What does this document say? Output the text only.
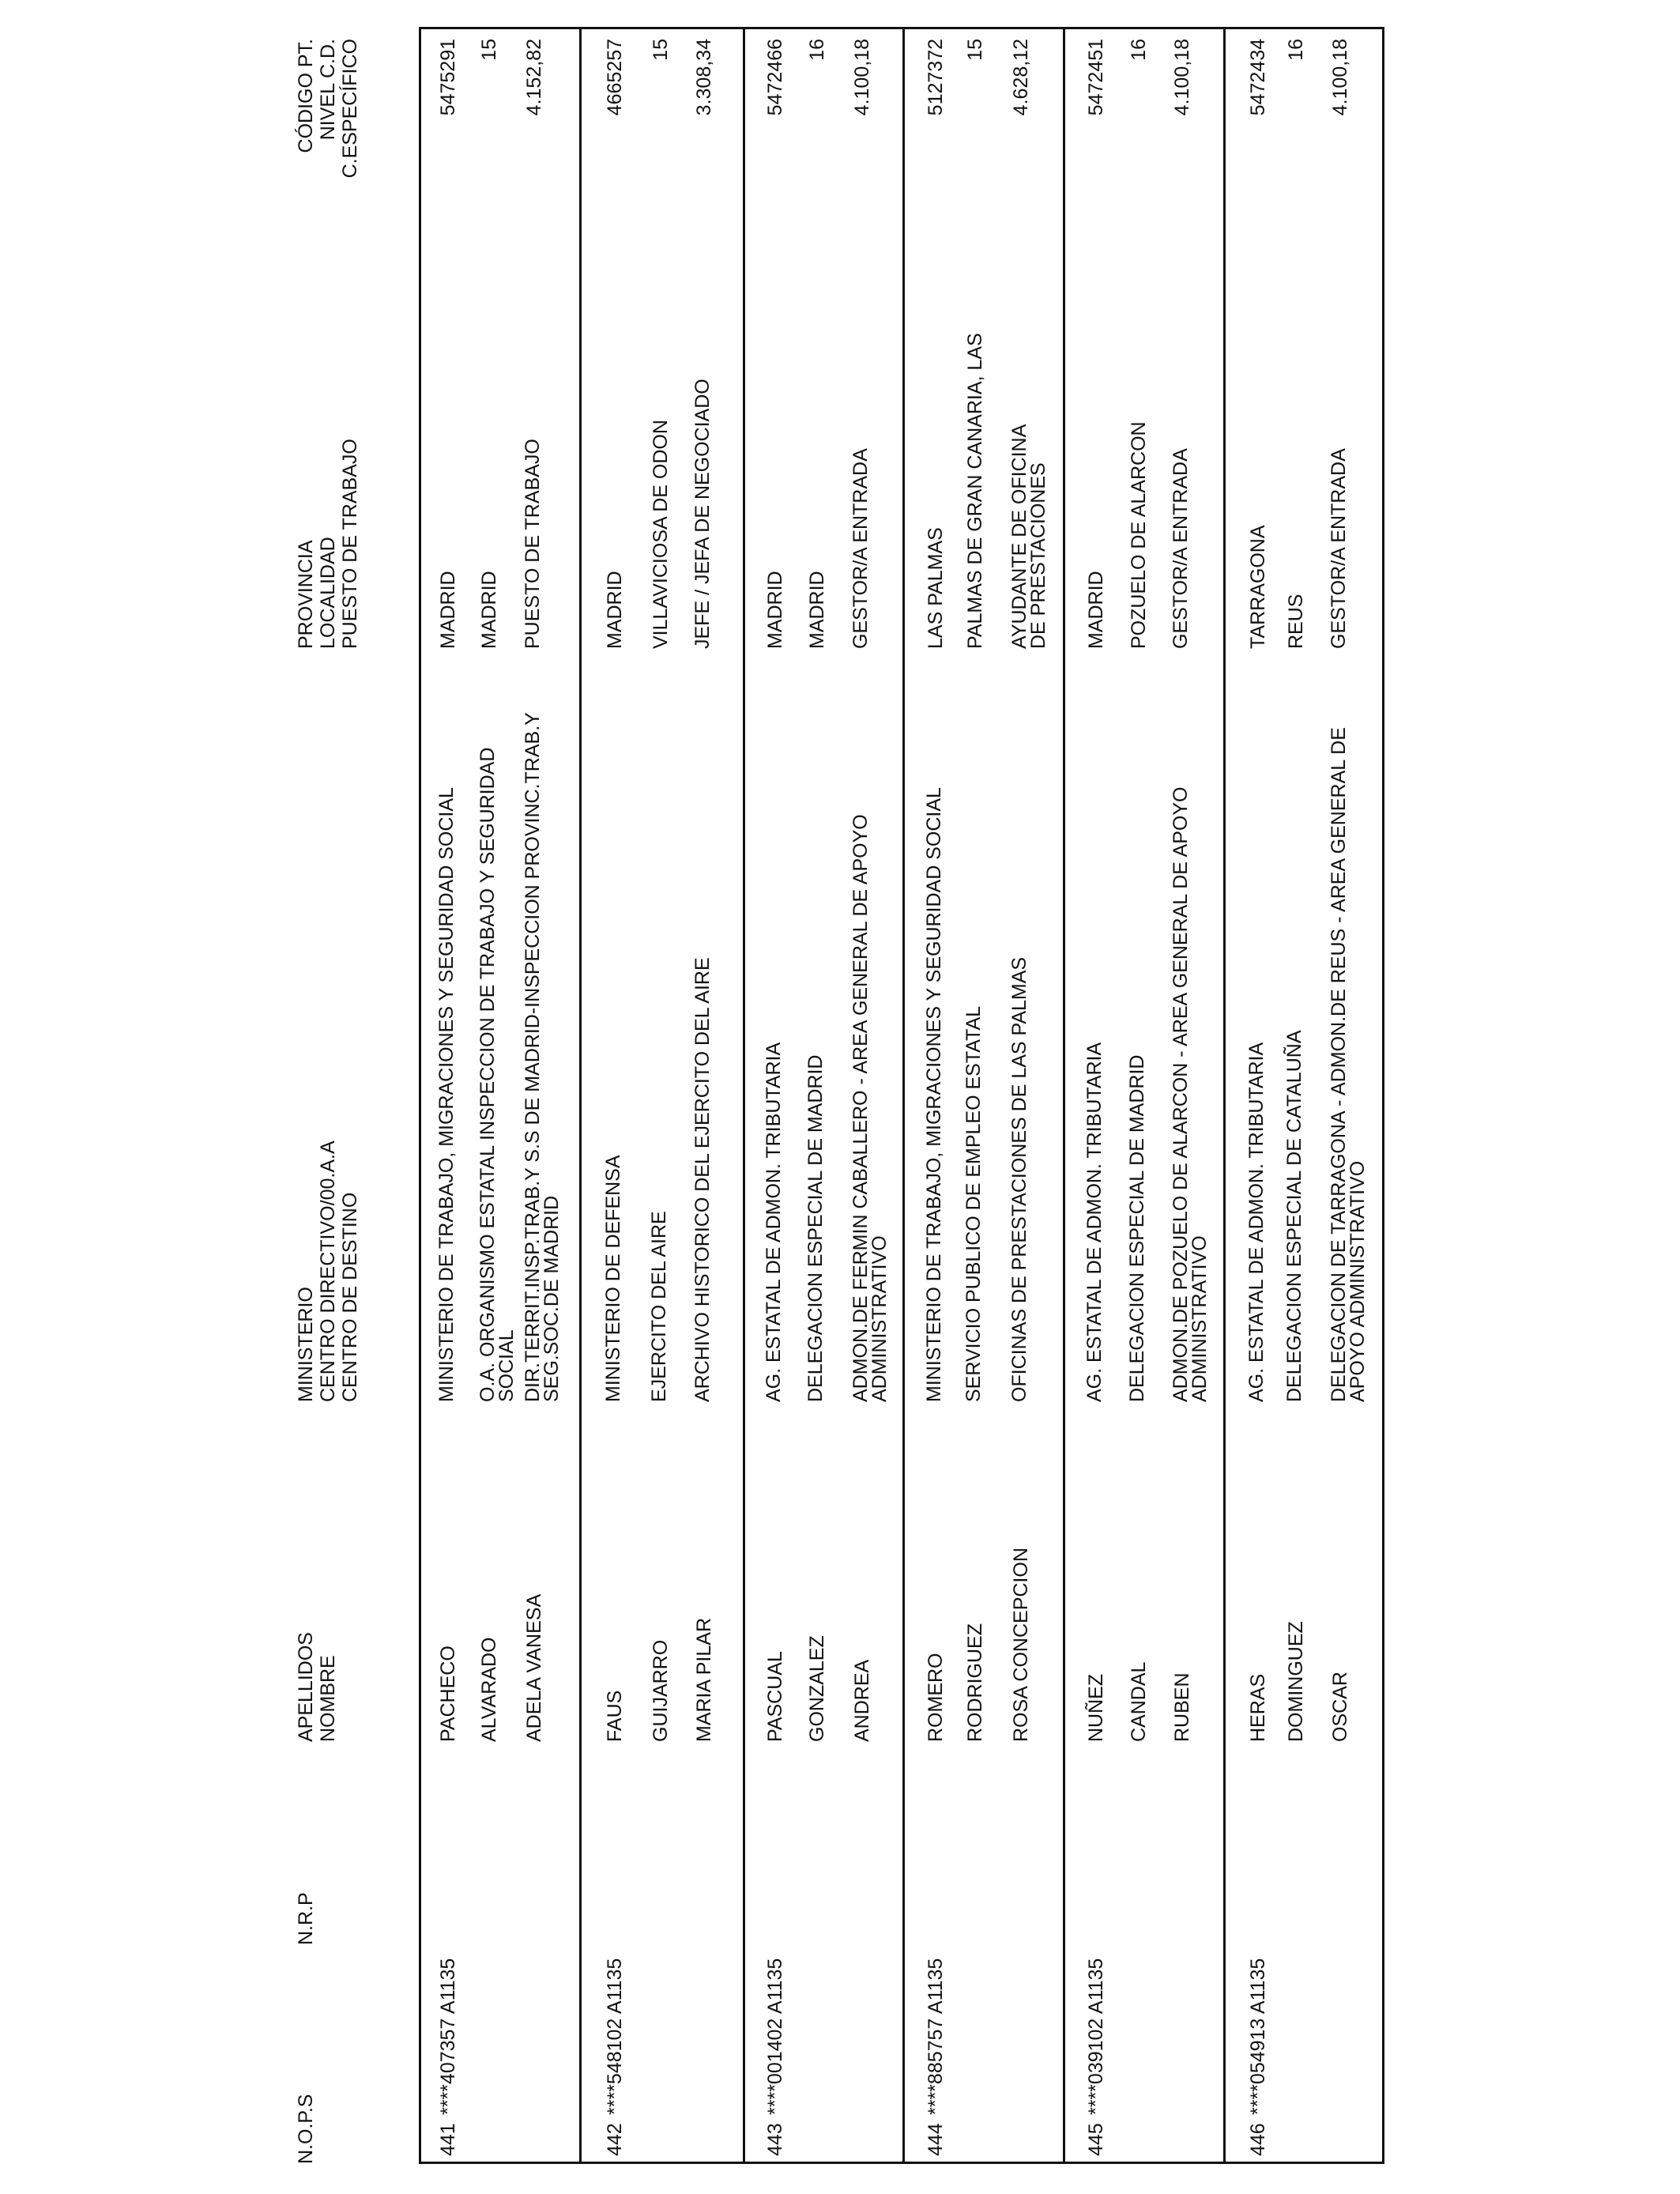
N.O.P.S
N.R.P
APELLIDOS NOMBRE
MINISTERIO CENTRO DIRECTIVO/00.A.A CENTRO DE DESTINO
PROVINCIA LOCALIDAD PUESTO DE TRABAJO
CÓDIGO PT. NIVEL C.D. C.ESPECÍFICO
441
****407357 A1135
PACHECO ALVARADO ADELA VANESA
MINISTERIO DE TRABAJO, MIGRACIONES Y SEGURIDAD SOCIAL O.A. ORGANISMO ESTATAL INSPECCION DE TRABAJO Y SEGURIDAD SOCIAL DIR.TERRIT.INSP.TRAB.Y S.S DE MADRID-INSPECCION PROVINC.TRAB.Y SEG.SOC.DE MADRID
MADRID MADRID PUESTO DE TRABAJO
5475291 15 4.152,82
442
****548102 A1135
FAUS GUIJARRO MARIA PILAR
MINISTERIO DE DEFENSA EJERCITO DEL AIRE ARCHIVO HISTORICO DEL EJERCITO DEL AIRE
MADRID VILLAVICIOSA DE ODON JEFE / JEFA DE NEGOCIADO
4665257 15 3.308,34
443
****001402 A1135
PASCUAL GONZALEZ ANDREA
AG. ESTATAL DE ADMON. TRIBUTARIA DELEGACION ESPECIAL DE MADRID ADMON.DE FERMIN CABALLERO - AREA GENERAL DE APOYO ADMINISTRATIVO
MADRID MADRID GESTOR/A ENTRADA
5472466 16 4.100,18
444
****885757 A1135
ROMERO RODRIGUEZ ROSA CONCEPCION
MINISTERIO DE TRABAJO, MIGRACIONES Y SEGURIDAD SOCIAL SERVICIO PUBLICO DE EMPLEO ESTATAL OFICINAS DE PRESTACIONES DE LAS PALMAS
LAS PALMAS PALMAS DE GRAN CANARIA, LAS AYUDANTE DE OFICINA DE PRESTACIONES
5127372 15 4.628,12
445
****039102 A1135
NUÑEZ CANDAL RUBEN
AG. ESTATAL DE ADMON. TRIBUTARIA DELEGACION ESPECIAL DE MADRID ADMON.DE POZUELO DE ALARCON - AREA GENERAL DE APOYO ADMINISTRATIVO
MADRID POZUELO DE ALARCON GESTOR/A ENTRADA
5472451 16 4.100,18
446
****054913 A1135
HERAS DOMINGUEZ OSCAR
AG. ESTATAL DE ADMON. TRIBUTARIA DELEGACION ESPECIAL DE CATALUÑA DELEGACION DE TARRAGONA - ADMON.DE REUS - AREA GENERAL DE APOYO ADMINISTRATIVO
TARRAGONA REUS GESTOR/A ENTRADA
5472434 16 4.100,18
